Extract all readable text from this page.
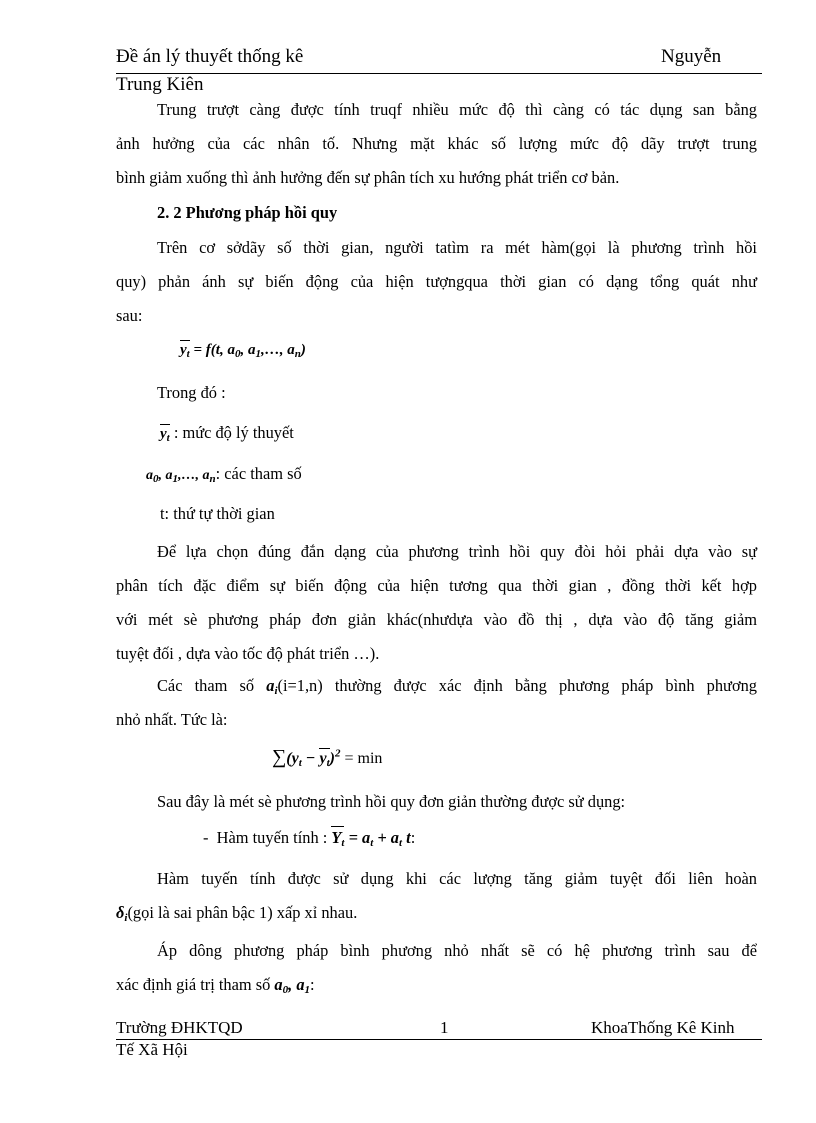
Đề án lý thuyết thống kê	Nguyễn
Trung Kiên
Trung trượt càng được tính truqf nhiều mức độ thì càng có tác dụng san bằng
ảnh hưởng của các nhân tố. Nhưng mặt khác số lượng mức độ dãy trượt trung
bình giảm xuống thì ảnh hưởng đến sự phân tích xu hướng phát triển cơ bản.
2. 2 Phương pháp hồi quy
Trên cơ sởdãy số thời gian, người tatìm ra mét hàm(gọi là phương trình hồi
quy) phản ánh sự biến động của hiện tượngqua thời gian có dạng tổng quát như
sau:
$y_t = f(t$, $a_0$, $a_1,\dots$, $a_n$)
Trong đó :
$y_t$ : mức độ lý thuyết
$a_0$, $a_1,\dots$, $a_n$: các tham số
t: thứ tự thời gian
Để lựa chọn đúng đắn dạng của phương trình hồi quy đòi hỏi phải dựa vào sự
phân tích đặc điểm sự biến động của hiện tương qua thời gian , đồng thời kết hợp
với mét sè phương pháp đơn giản khác(nhưdựa vào đồ thị , dựa vào độ tăng giảm
tuyệt đối , dựa vào tốc độ phát triển …).
Các tham số $a_i(i=1,n)$ thường được xác định bằng phương pháp bình phương
nhỏ nhất. Tức là:
$\sum(y_t - y_t)^2 = \min$
Sau đây là mét sè phương trình hồi quy đơn giản thường được sử dụng:
- Hàm tuyến tính : $Y_t = a_t + a_t$ t:
Hàm tuyến tính được sử dụng khi các lượng tăng giảm tuyệt đối liên hoàn
$\delta_i(gọi$ là sai phân bậc 1) xấp xỉ nhau.
Áp dông phương pháp bình phương nhỏ nhất sẽ có hệ phương trình sau để
xác định giá trị tham số $a_0$, $a_1$:
Trường ĐHKTQD	1	KhoaThống Kê Kinh
Tế Xã Hội
